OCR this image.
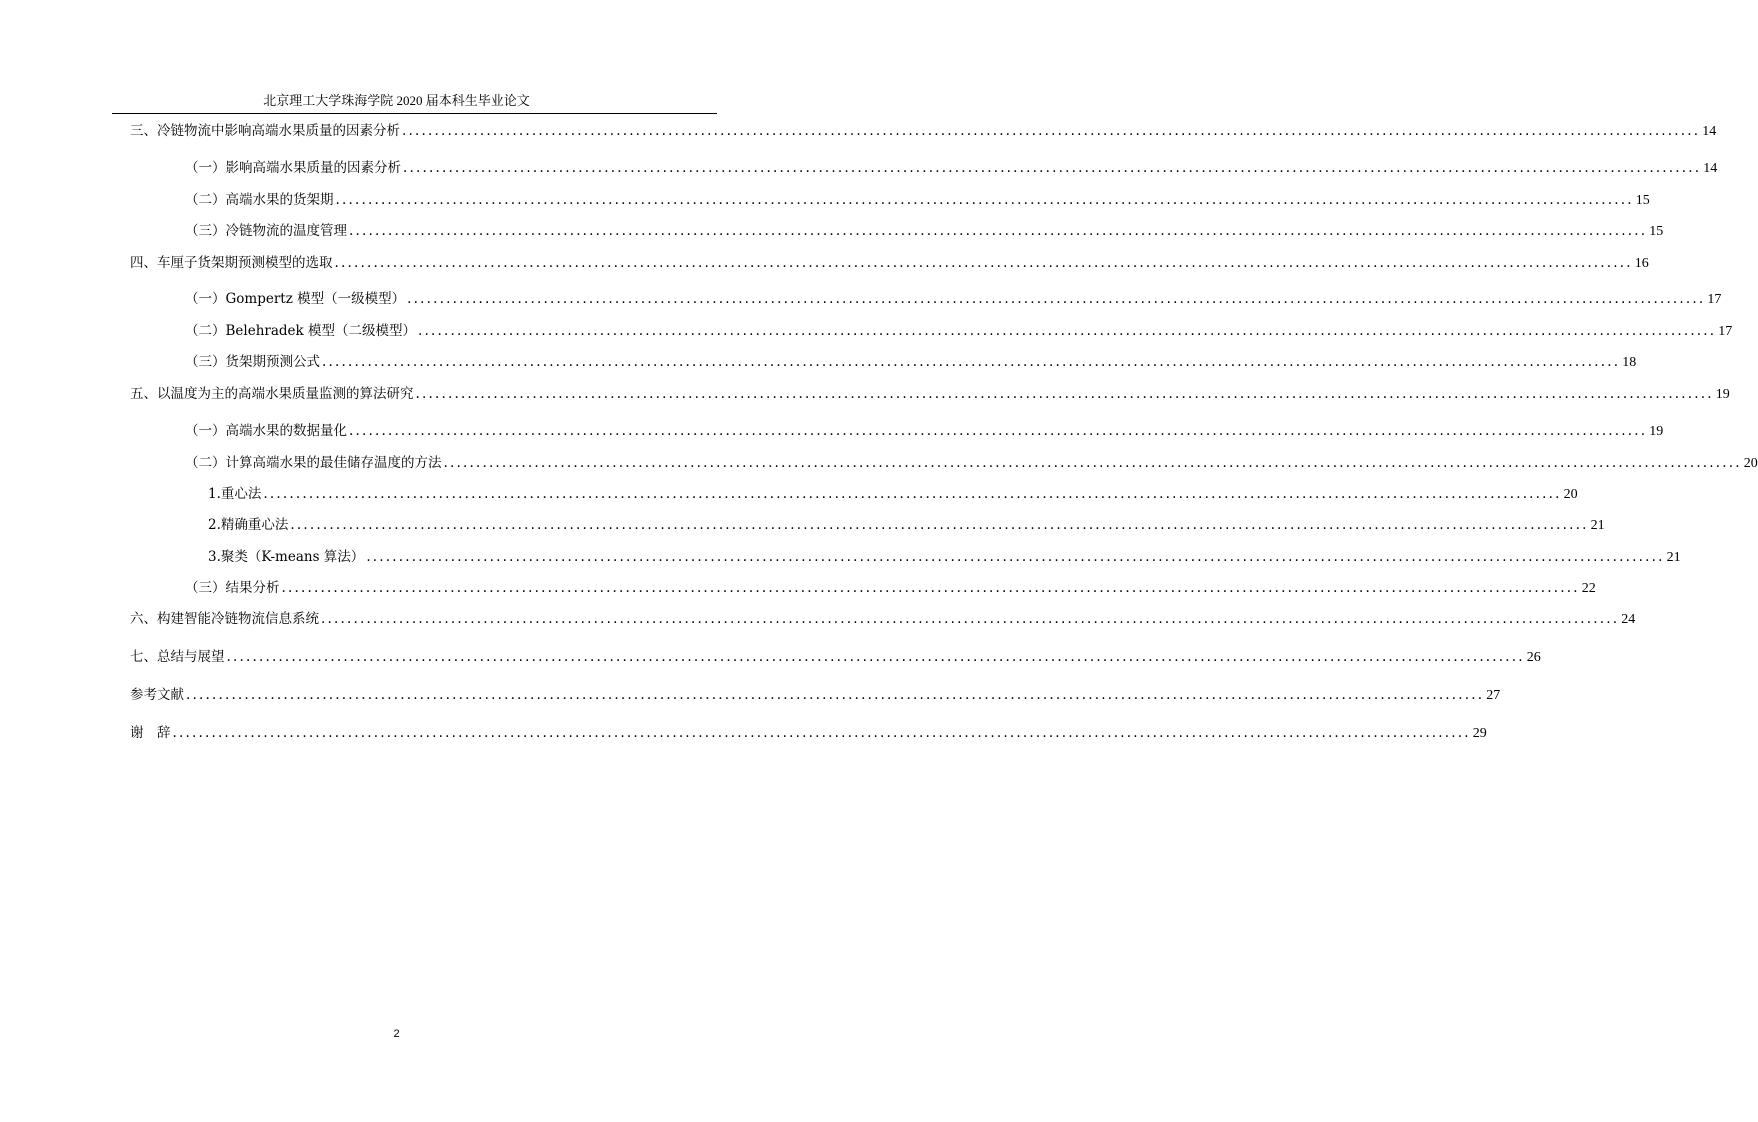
北京理工大学珠海学院 2020 届本科生毕业论文
三、冷链物流中影响高端水果质量的因素分析 ........................................................................................................................................................................................................ 14
（一）影响高端水果质量的因素分析 ........................................................................................................................................................................................................ 14
（二）高端水果的货架期 ........................................................................................................................................................................................................ 15
（三）冷链物流的温度管理 ........................................................................................................................................................................................................ 15
四、车厘子货架期预测模型的选取 ........................................................................................................................................................................................................ 16
（一）Gompertz 模型（一级模型） ........................................................................................................................................................................................................ 17
（二）Belehradek 模型（二级模型） ........................................................................................................................................................................................................ 17
（三）货架期预测公式 ........................................................................................................................................................................................................ 18
五、以温度为主的高端水果质量监测的算法研究 ........................................................................................................................................................................................................ 19
（一）高端水果的数据量化 ........................................................................................................................................................................................................ 19
（二）计算高端水果的最佳储存温度的方法 ........................................................................................................................................................................................................ 20
1.重心法 ........................................................................................................................................................................................................ 20
2.精确重心法 ........................................................................................................................................................................................................ 21
3.聚类（K-means 算法） ........................................................................................................................................................................................................ 21
（三）结果分析 ........................................................................................................................................................................................................ 22
六、构建智能冷链物流信息系统 ........................................................................................................................................................................................................ 24
七、总结与展望 ........................................................................................................................................................................................................ 26
参考文献 ........................................................................................................................................................................................................ 27
谢　辞 ........................................................................................................................................................................................................ 29
2
